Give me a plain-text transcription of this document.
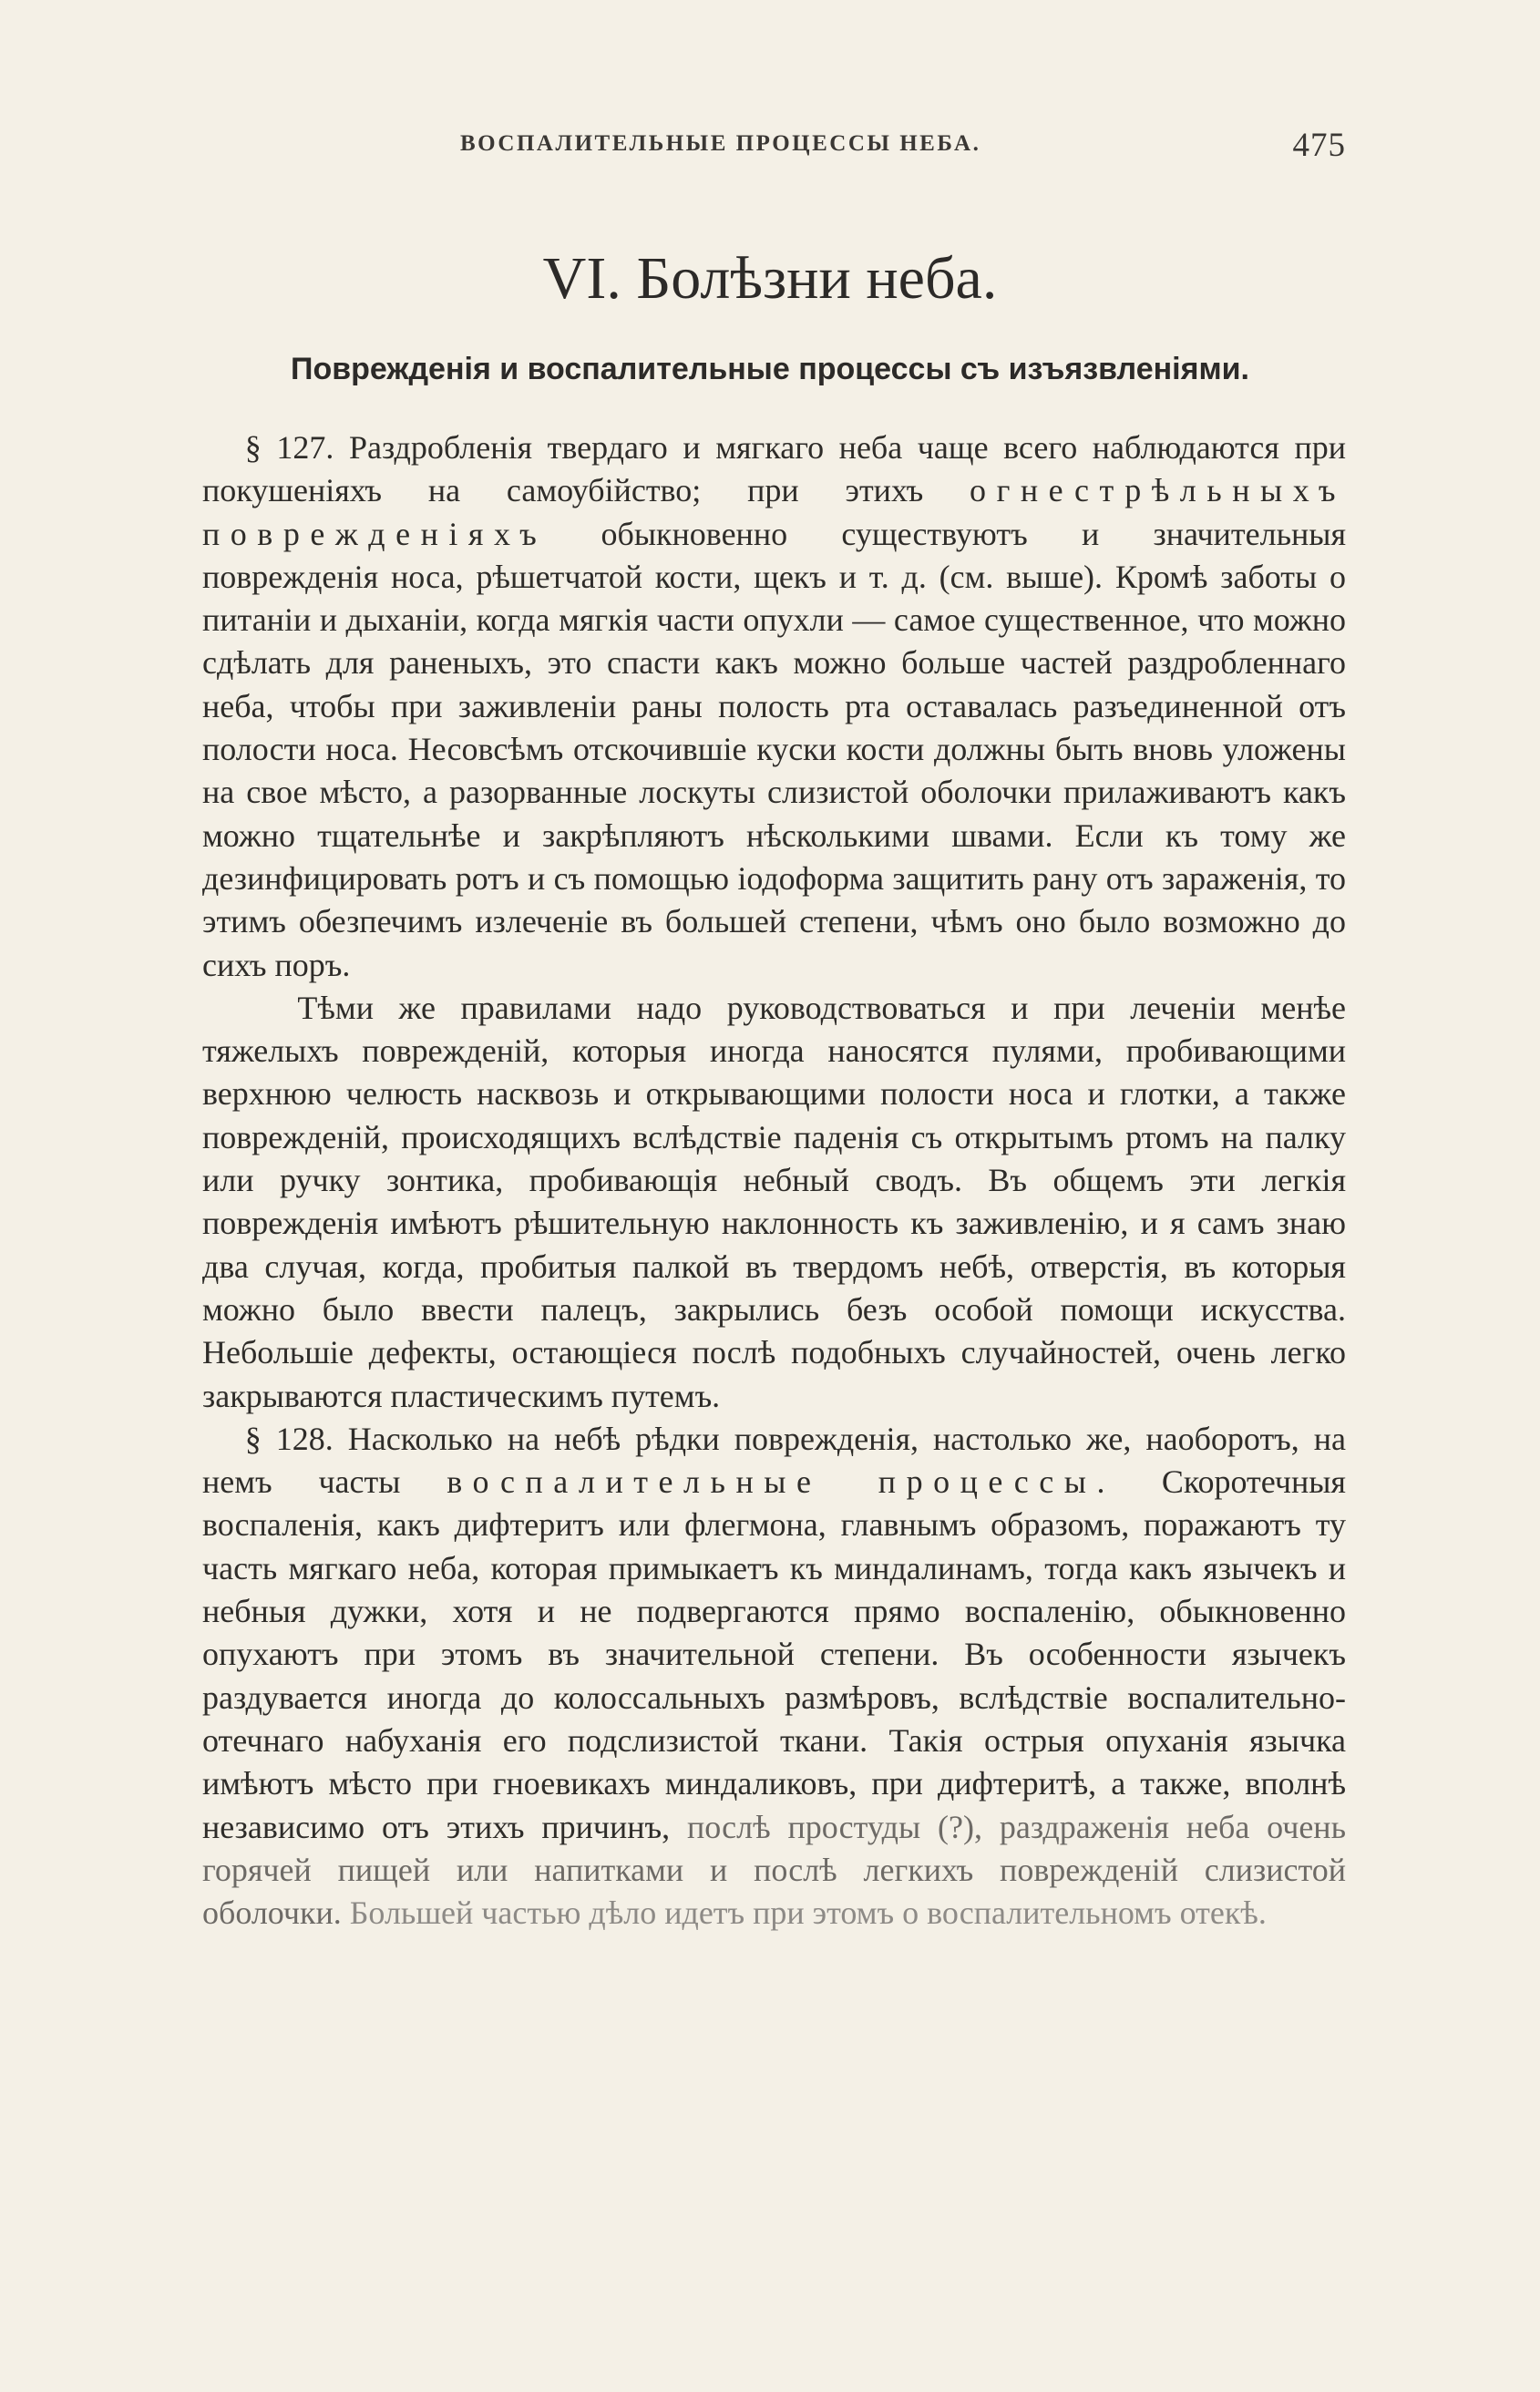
ВОСПАЛИТЕЛЬНЫЕ ПРОЦЕССЫ НЕБА.	475
VI. Болѣзни неба.
Поврежденія и воспалительные процессы съ изъязвленіями.

§ 127. Раздробленія твердаго и мягкаго неба чаще всего наблюдаются при покушеніяхъ на самоубійство; при этихъ огнестрѣльныхъ поврежденіяхъ обыкновенно существуютъ и значительныя поврежденія носа, рѣшетчатой кости, щекъ и т. д. (см. выше). Кромѣ заботы о питаніи и дыханіи, когда мягкія части опухли — самое существенное, что можно сдѣлать для раненыхъ, это спасти какъ можно больше частей раздробленнаго неба, чтобы при заживленіи раны полость рта оставалась разъединенной отъ полости носа. Несовсѣмъ отскочившіе куски кости должны быть вновь уложены на свое мѣсто, а разорванные лоскуты слизистой оболочки прилаживаютъ какъ можно тщательнѣе и закрѣпляютъ нѣсколькими швами. Если къ тому же дезинфицировать ротъ и съ помощью іодоформа защитить рану отъ зараженія, то этимъ обезпечимъ излеченіе въ большей степени, чѣмъ оно было возможно до сихъ поръ.

Тѣми же правилами надо руководствоваться и при леченіи менѣе тяжелыхъ поврежденій, которыя иногда наносятся пулями, пробивающими верхнюю челюсть насквозь и открывающими полости носа и глотки, а также поврежденій, происходящихъ вслѣдствіе паденія съ открытымъ ртомъ на палку или ручку зонтика, пробивающія небный сводъ. Въ общемъ эти легкія поврежденія имѣютъ рѣшительную наклонность къ заживленію, и я самъ знаю два случая, когда, пробитыя палкой въ твердомъ небѣ, отверстія, въ которыя можно было ввести палецъ, закрылись безъ особой помощи искусства. Небольшіе дефекты, остающіеся послѣ подобныхъ случайностей, очень легко закрываются пластическимъ путемъ.

§ 128. Насколько на небѣ рѣдки поврежденія, настолько же, наоборотъ, на немъ часты воспалительные процессы. Скоротечныя воспаленія, какъ дифтеритъ или флегмона, главнымъ образомъ, поражаютъ ту часть мягкаго неба, которая примыкаетъ къ миндалинамъ, тогда какъ язычекъ и небныя дужки, хотя и не подвергаются прямо воспаленію, обыкновенно опухаютъ при этомъ въ значительной степени. Въ особенности язычекъ раздувается иногда до колоссальныхъ размѣровъ, вслѣдствіе воспалительно-отечнаго набуханія его подслизистой ткани. Такія острыя опуханія язычка имѣютъ мѣсто при гноевикахъ миндаликовъ, при дифтеритѣ, а также, вполнѣ независимо отъ этихъ причинъ, послѣ простуды (?), раздраженія неба очень горячей пищей или напитками и послѣ легкихъ поврежденій слизистой оболочки. Большей частью дѣло идетъ при этомъ о воспалительномъ отекѣ.
